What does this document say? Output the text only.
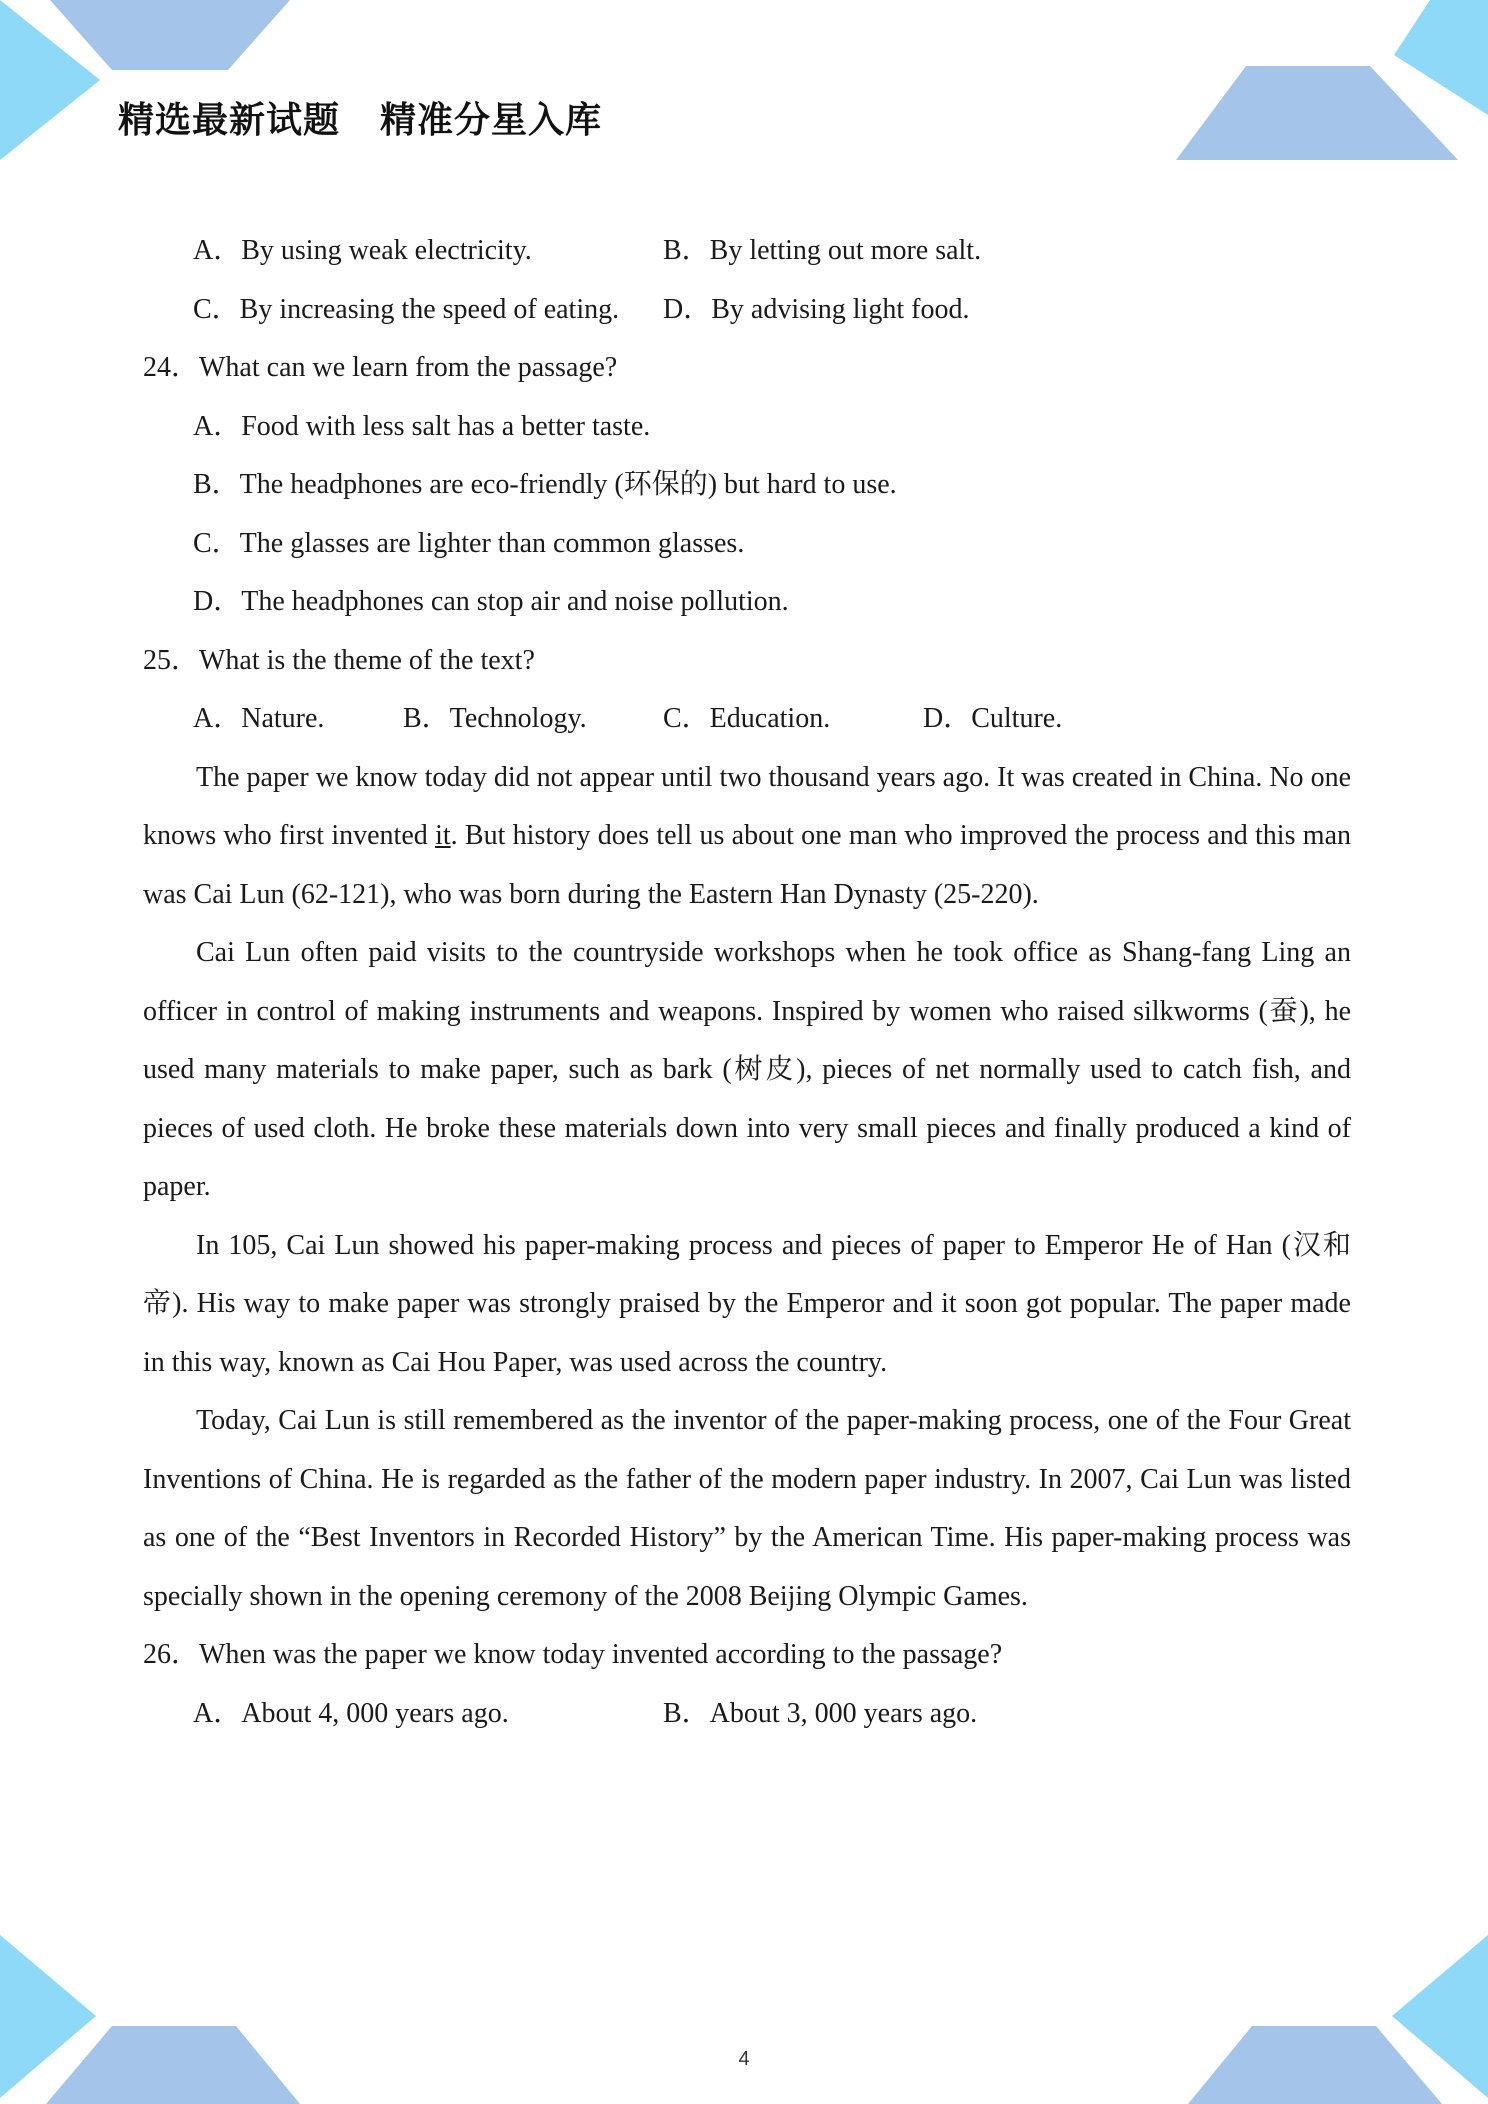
精选最新试题 精准分星入库
A．By using weak electricity.	B．By letting out more salt.
C．By increasing the speed of eating.	D．By advising light food.
24．What can we learn from the passage?
A．Food with less salt has a better taste.
B．The headphones are eco-friendly (环保的) but hard to use.
C．The glasses are lighter than common glasses.
D．The headphones can stop air and noise pollution.
25．What is the theme of the text?
A．Nature.	B．Technology.	C．Education.	D．Culture.
The paper we know today did not appear until two thousand years ago. It was created in China. No one knows who first invented it. But history does tell us about one man who improved the process and this man was Cai Lun (62-121), who was born during the Eastern Han Dynasty (25-220).
Cai Lun often paid visits to the countryside workshops when he took office as Shang-fang Ling an officer in control of making instruments and weapons. Inspired by women who raised silkworms (蚕), he used many materials to make paper, such as bark (树皮), pieces of net normally used to catch fish, and pieces of used cloth. He broke these materials down into very small pieces and finally produced a kind of paper.
In 105, Cai Lun showed his paper-making process and pieces of paper to Emperor He of Han (汉和帝). His way to make paper was strongly praised by the Emperor and it soon got popular. The paper made in this way, known as Cai Hou Paper, was used across the country.
Today, Cai Lun is still remembered as the inventor of the paper-making process, one of the Four Great Inventions of China. He is regarded as the father of the modern paper industry. In 2007, Cai Lun was listed as one of the “Best Inventors in Recorded History” by the American Time. His paper-making process was specially shown in the opening ceremony of the 2008 Beijing Olympic Games.
26．When was the paper we know today invented according to the passage?
A．About 4, 000 years ago.	B．About 3, 000 years ago.
4
